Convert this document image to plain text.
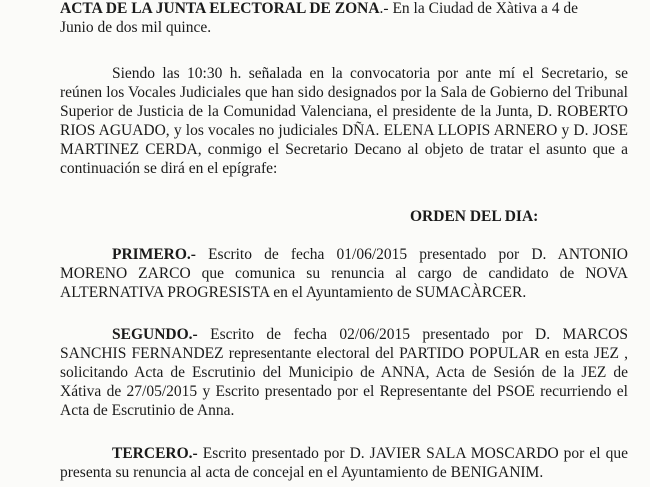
ACTA DE LA JUNTA ELECTORAL DE ZONA.- En la Ciudad de Xàtiva a 4 de
Junio de dos mil quince.

Siendo las 10:30 h. señalada en la convocatoria por ante mí el Secretario, se reúnen los Vocales Judiciales que han sido designados por la Sala de Gobierno del Tribunal Superior de Justicia de la Comunidad Valenciana, el presidente de la Junta, D. ROBERTO RIOS AGUADO, y los vocales no judiciales DÑA. ELENA LLOPIS ARNERO y D. JOSE MARTINEZ CERDA, conmigo el Secretario Decano al objeto de tratar el asunto que a continuación se dirá en el epígrafe:

ORDEN DEL DIA:

PRIMERO.- Escrito de fecha 01/06/2015 presentado por D. ANTONIO MORENO ZARCO que comunica su renuncia al cargo de candidato de NOVA ALTERNATIVA PROGRESISTA en el Ayuntamiento de SUMACÀRCER.

SEGUNDO.- Escrito de fecha 02/06/2015 presentado por D. MARCOS SANCHIS FERNANDEZ representante electoral del PARTIDO POPULAR en esta JEZ , solicitando Acta de Escrutinio del Municipio de ANNA, Acta de Sesión de la JEZ de Xátiva de 27/05/2015 y Escrito presentado por el Representante del PSOE recurriendo el Acta de Escrutinio de Anna.

TERCERO.- Escrito presentado por D. JAVIER SALA MOSCARDO por el que presenta su renuncia al acta de concejal en el Ayuntamiento de BENIGANIM.
